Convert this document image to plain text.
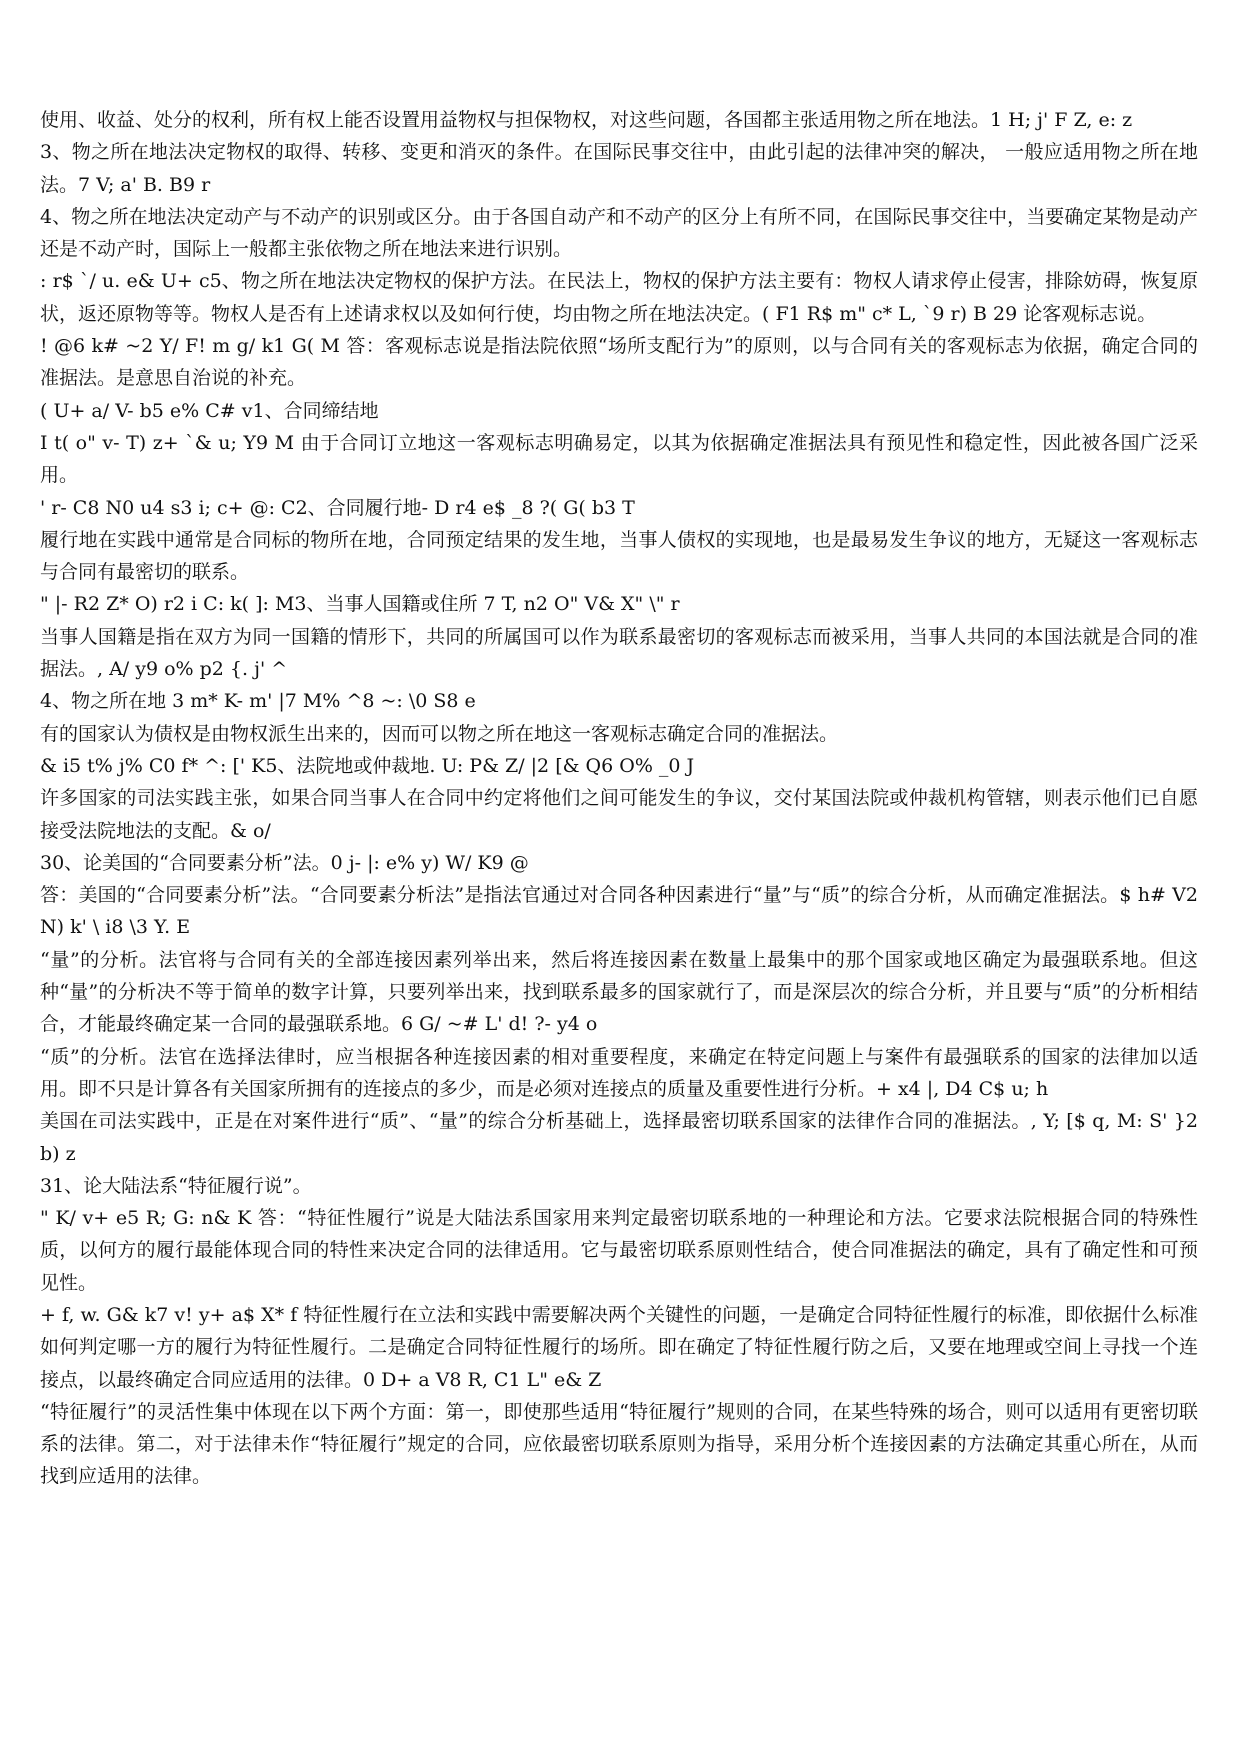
使用、收益、处分的权利，所有权上能否设置用益物权与担保物权，对这些问题，各国都主张适用物之所在地法。1 H; j' F Z, e: z

3、物之所在地法决定物权的取得、转移、变更和消灭的条件。在国际民事交往中，由此引起的法律冲突的解决， 一般应适用物之所在地法。7 V; a' B. B9 r

4、物之所在地法决定动产与不动产的识别或区分。由于各国自动产和不动产的区分上有所不同，在国际民事交往中，当要确定某物是动产还是不动产时，国际上一般都主张依物之所在地法来进行识别。

: r$ `/ u. e& U+ c5、物之所在地法决定物权的保护方法。在民法上，物权的保护方法主要有：物权人请求停止侵害，排除妨碍，恢复原状，返还原物等等。物权人是否有上述请求权以及如何行使，均由物之所在地法决定。( F1 R$ m" c* L, `9 r) B 29 论客观标志说。

! @6 k# ~2 Y/ F! m g/ k1 G( M 答：客观标志说是指法院依照“场所支配行为”的原则，以与合同有关的客观标志为依据，确定合同的准据法。是意思自治说的补充。

( U+ a/ V- b5 e% C# v1、合同缔结地

I t( o" v- T) z+ `& u; Y9 M 由于合同订立地这一客观标志明确易定，以其为依据确定准据法具有预见性和稳定性，因此被各国广泛采用。

' r- C8 N0 u4 s3 i; c+ @: C2、合同履行地- D r4 e$ _8 ?( G( b3 T

履行地在实践中通常是合同标的物所在地，合同预定结果的发生地，当事人债权的实现地，也是最易发生争议的地方，无疑这一客观标志与合同有最密切的联系。

" |- R2 Z* O) r2 i C: k( ]: M3、当事人国籍或住所 7 T, n2 O" V& X" \" r

当事人国籍是指在双方为同一国籍的情形下，共同的所属国可以作为联系最密切的客观标志而被采用，当事人共同的本国法就是合同的准据法。, A/ y9 o% p2 {. j' ^

4、物之所在地 3 m* K- m' |7 M% ^8 ~: \0 S8 e

有的国家认为债权是由物权派生出来的，因而可以物之所在地这一客观标志确定合同的准据法。

& i5 t% j% C0 f* ^: [' K5、法院地或仲裁地. U: P& Z/ |2 [& Q6 O% _0 J

许多国家的司法实践主张，如果合同当事人在合同中约定将他们之间可能发生的争议，交付某国法院或仲裁机构管辖，则表示他们已自愿接受法院地法的支配。& o/

30、论美国的“合同要素分析”法。0 j- |: e% y) W/ K9 @

答：美国的“合同要素分析”法。“合同要素分析法”是指法官通过对合同各种因素进行“量”与“质”的综合分析，从而确定准据法。$ h# V2 N) k' \ i8 \3 Y. E

“量”的分析。法官将与合同有关的全部连接因素列举出来，然后将连接因素在数量上最集中的那个国家或地区确定为最强联系地。但这种“量”的分析决不等于简单的数字计算，只要列举出来，找到联系最多的国家就行了，而是深层次的综合分析，并且要与“质”的分析相结合，才能最终确定某一合同的最强联系地。6 G/ ~# L' d! ?- y4 o

“质”的分析。法官在选择法律时，应当根据各种连接因素的相对重要程度，来确定在特定问题上与案件有最强联系的国家的法律加以适用。即不只是计算各有关国家所拥有的连接点的多少，而是必须对连接点的质量及重要性进行分析。+ x4 |, D4 C$ u; h

美国在司法实践中，正是在对案件进行“质”、“量”的综合分析基础上，选择最密切联系国家的法律作合同的准据法。, Y; [$ q, M: S' }2 b) z

31、论大陆法系“特征履行说”。

" K/ v+ e5 R; G: n& K 答：“特征性履行”说是大陆法系国家用来判定最密切联系地的一种理论和方法。它要求法院根据合同的特殊性质，以何方的履行最能体现合同的特性来决定合同的法律适用。它与最密切联系原则性结合，使合同准据法的确定，具有了确定性和可预见性。

+ f, w. G& k7 v! y+ a$ X* f 特征性履行在立法和实践中需要解决两个关键性的问题，一是确定合同特征性履行的标准，即依据什么标准如何判定哪一方的履行为特征性履行。二是确定合同特征性履行的场所。即在确定了特征性履行防之后，又要在地理或空间上寻找一个连接点，以最终确定合同应适用的法律。0 D+ a V8 R, C1 L" e& Z

“特征履行”的灵活性集中体现在以下两个方面：第一，即使那些适用“特征履行”规则的合同，在某些特殊的场合，则可以适用有更密切联系的法律。第二，对于法律未作“特征履行”规定的合同，应依最密切联系原则为指导，采用分析个连接因素的方法确定其重心所在，从而找到应适用的法律。
